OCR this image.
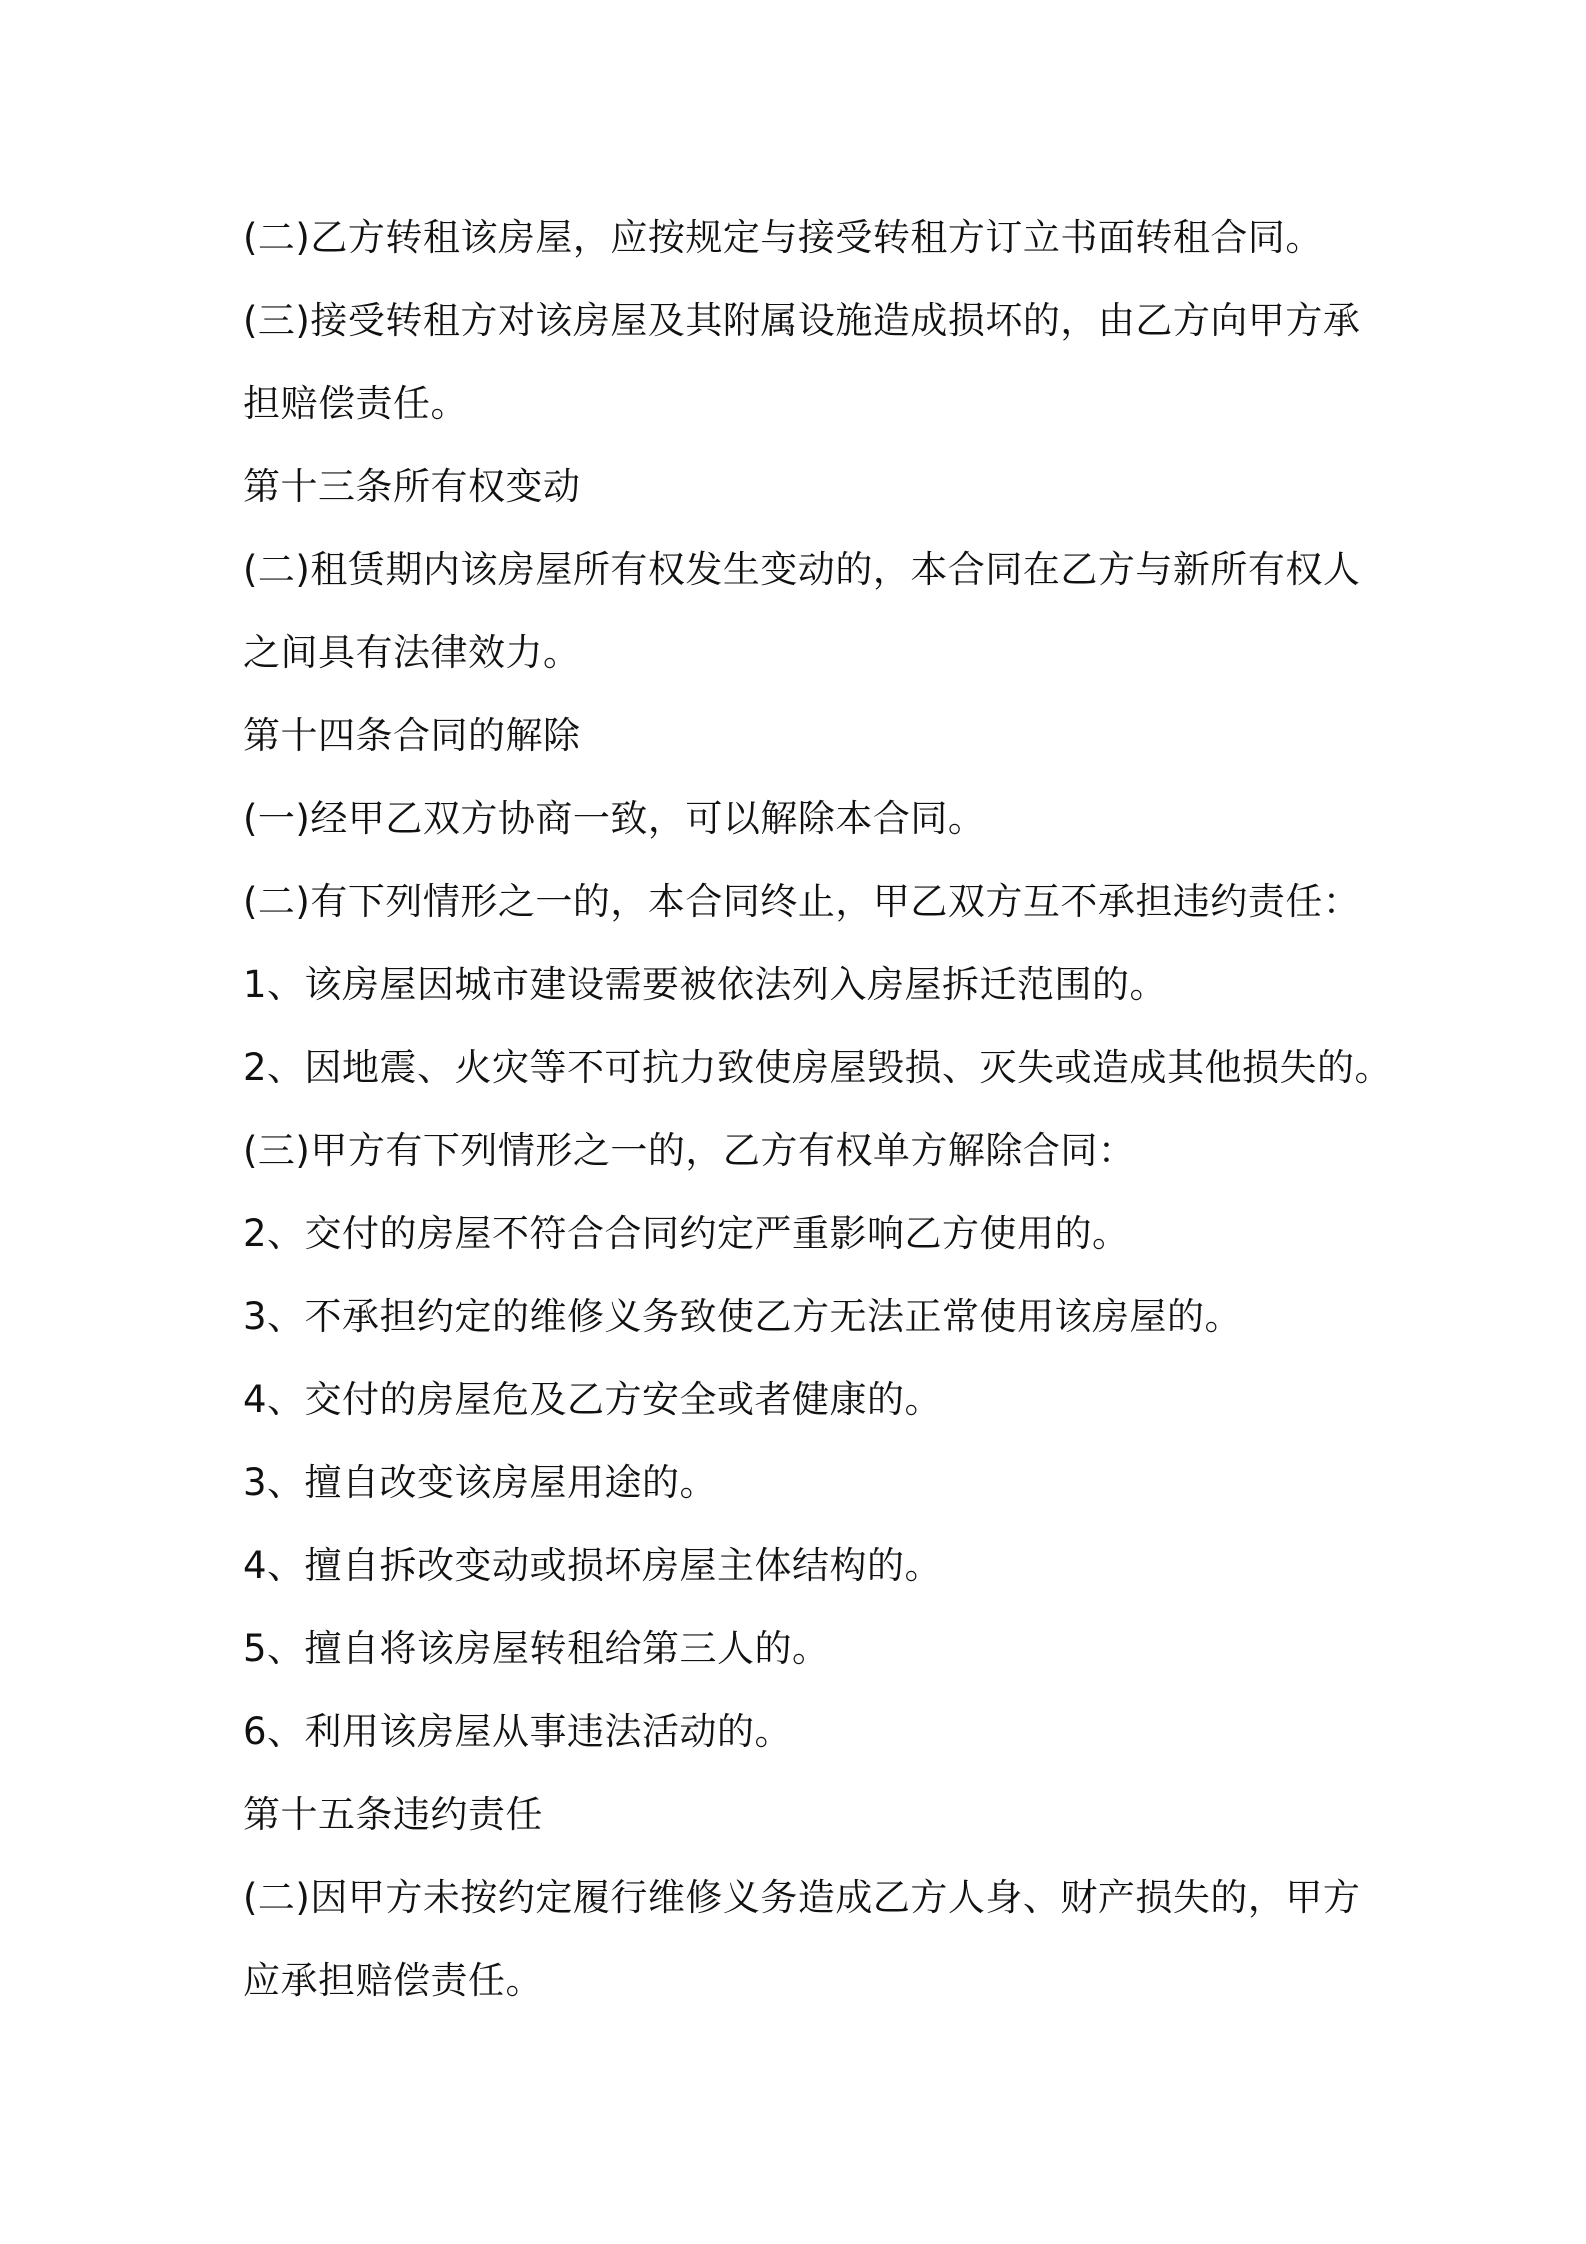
(二)乙方转租该房屋，应按规定与接受转租方订立书面转租合同。
(三)接受转租方对该房屋及其附属设施造成损坏的，由乙方向甲方承
担赔偿责任。
第十三条所有权变动
(二)租赁期内该房屋所有权发生变动的，本合同在乙方与新所有权人
之间具有法律效力。
第十四条合同的解除
(一)经甲乙双方协商一致，可以解除本合同。
(二)有下列情形之一的，本合同终止，甲乙双方互不承担违约责任：
1、该房屋因城市建设需要被依法列入房屋拆迁范围的。
2、因地震、火灾等不可抗力致使房屋毁损、灭失或造成其他损失的。
(三)甲方有下列情形之一的，乙方有权单方解除合同：
2、交付的房屋不符合合同约定严重影响乙方使用的。
3、不承担约定的维修义务致使乙方无法正常使用该房屋的。
4、交付的房屋危及乙方安全或者健康的。
3、擅自改变该房屋用途的。
4、擅自拆改变动或损坏房屋主体结构的。
5、擅自将该房屋转租给第三人的。
6、利用该房屋从事违法活动的。
第十五条违约责任
(二)因甲方未按约定履行维修义务造成乙方人身、财产损失的，甲方
应承担赔偿责任。
